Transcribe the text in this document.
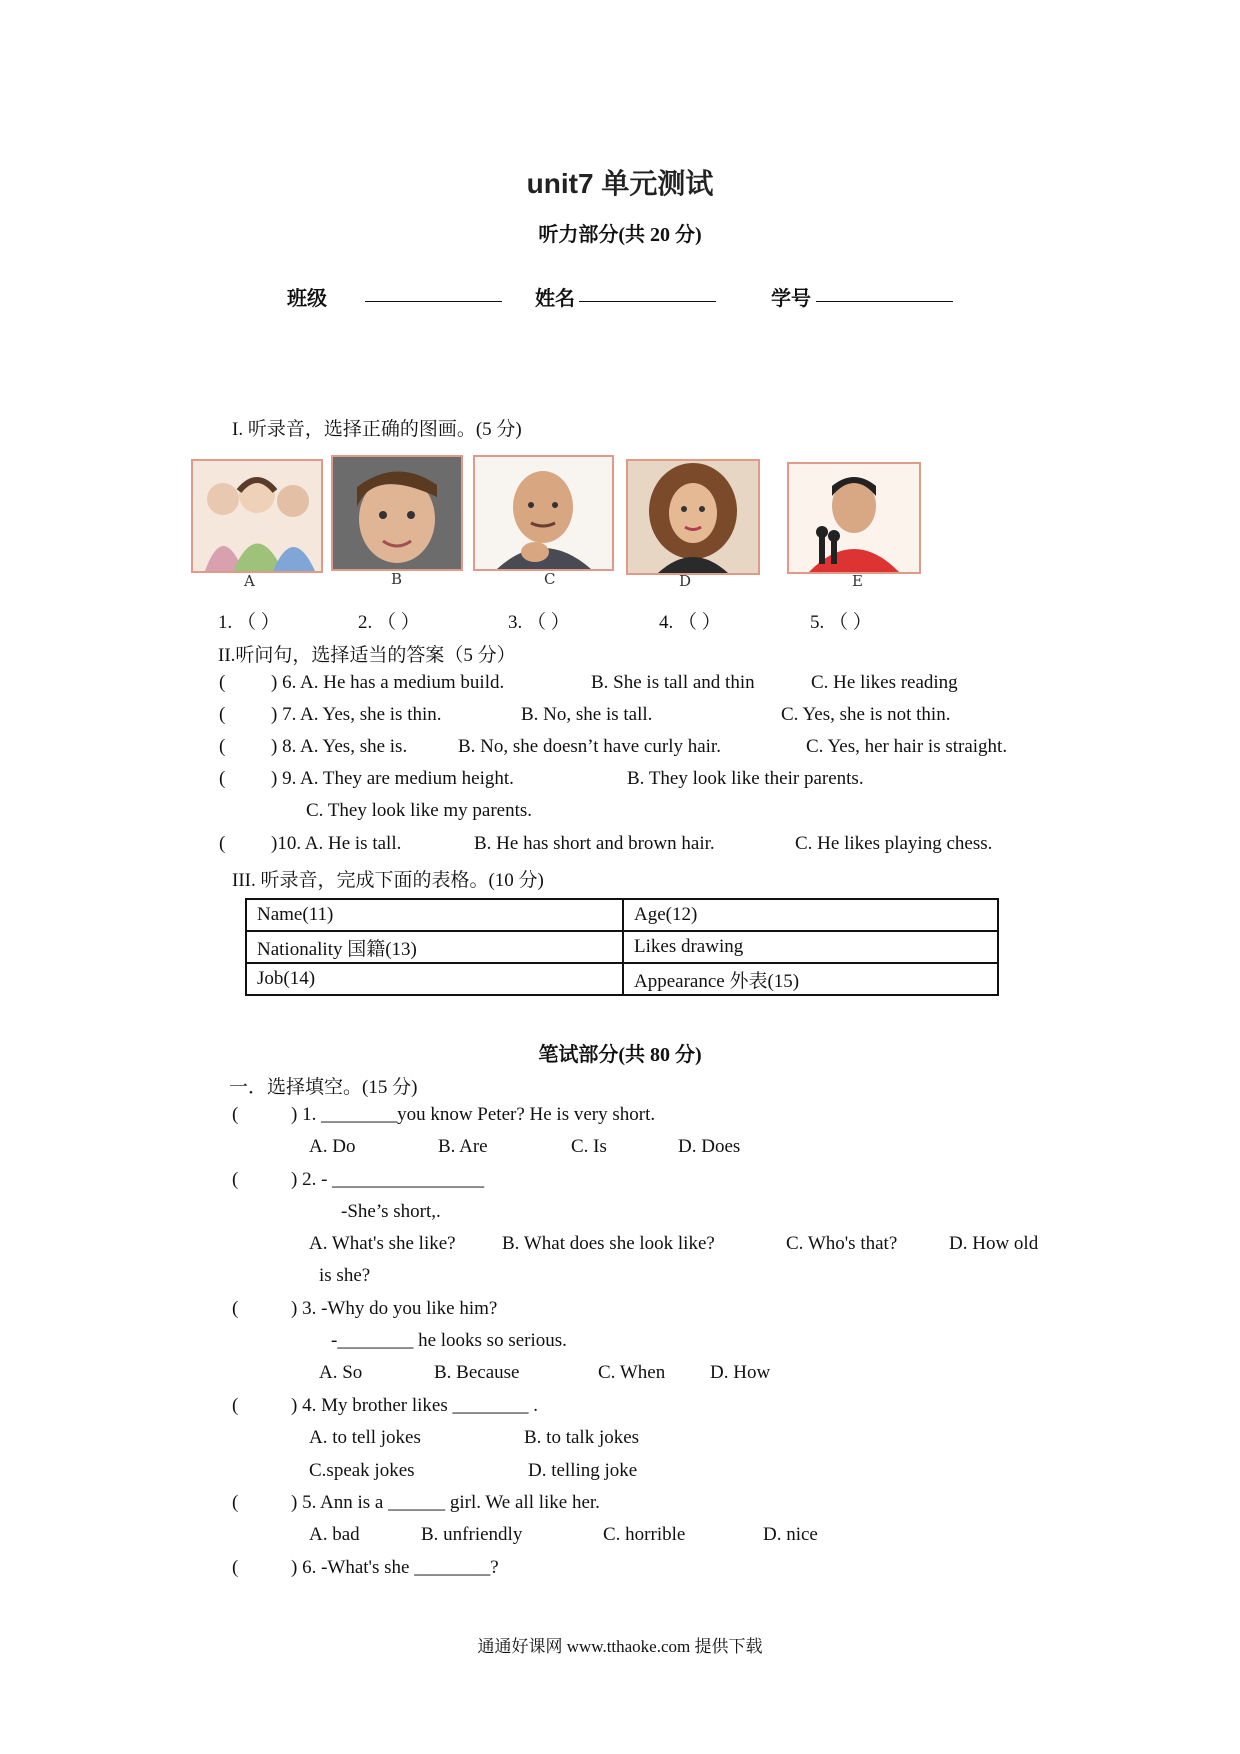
unit7 单元测试
听力部分(共 20 分)
班级	姓名	学号
I. 听录音，选择正确的图画。(5 分)
A	B	C	D	E
1. （ ）	2. （ ）	3. （ ）	4. （ ）	5. （ ）
II.听问句，选择适当的答案（5 分）
( ) 6. A. He has a medium build.	B. She is tall and thin	C. He likes reading
( ) 7. A. Yes, she is thin.	B. No, she is tall.	C. Yes, she is not thin.
( ) 8. A. Yes, she is.	B. No, she doesn’t have curly hair.	C. Yes, her hair is straight.
( ) 9. A. They are medium height.	B. They look like their parents.
C. They look like my parents.
( )10. A. He is tall.	B. He has short and brown hair.	C. He likes playing chess.
III. 听录音，完成下面的表格。(10 分)
Name(11)	Age(12)
Nationality 国籍(13)	Likes drawing
Job(14)	Appearance 外表(15)
笔试部分(共 80 分)
一．选择填空。(15 分)
(	) 1. ________you know Peter? He is very short.
A. Do	B. Are	C. Is	D. Does
(	) 2. - ________________
-She’s short,.
A. What's she like? B. What does she look like?	C. Who's that?	D. How old
is she?
(	) 3. -Why do you like him?
-________ he looks so serious.
A. So	B. Because	C. When D. How
(	) 4. My brother likes ________ .
A. to tell jokes	B. to talk jokes
C.speak jokes	D. telling joke
(	) 5. Ann is a ______ girl. We all like her.
A. bad	B. unfriendly	C. horrible	D. nice
(	) 6. -What's she ________?
通通好课网 www.tthaoke.com 提供下载
